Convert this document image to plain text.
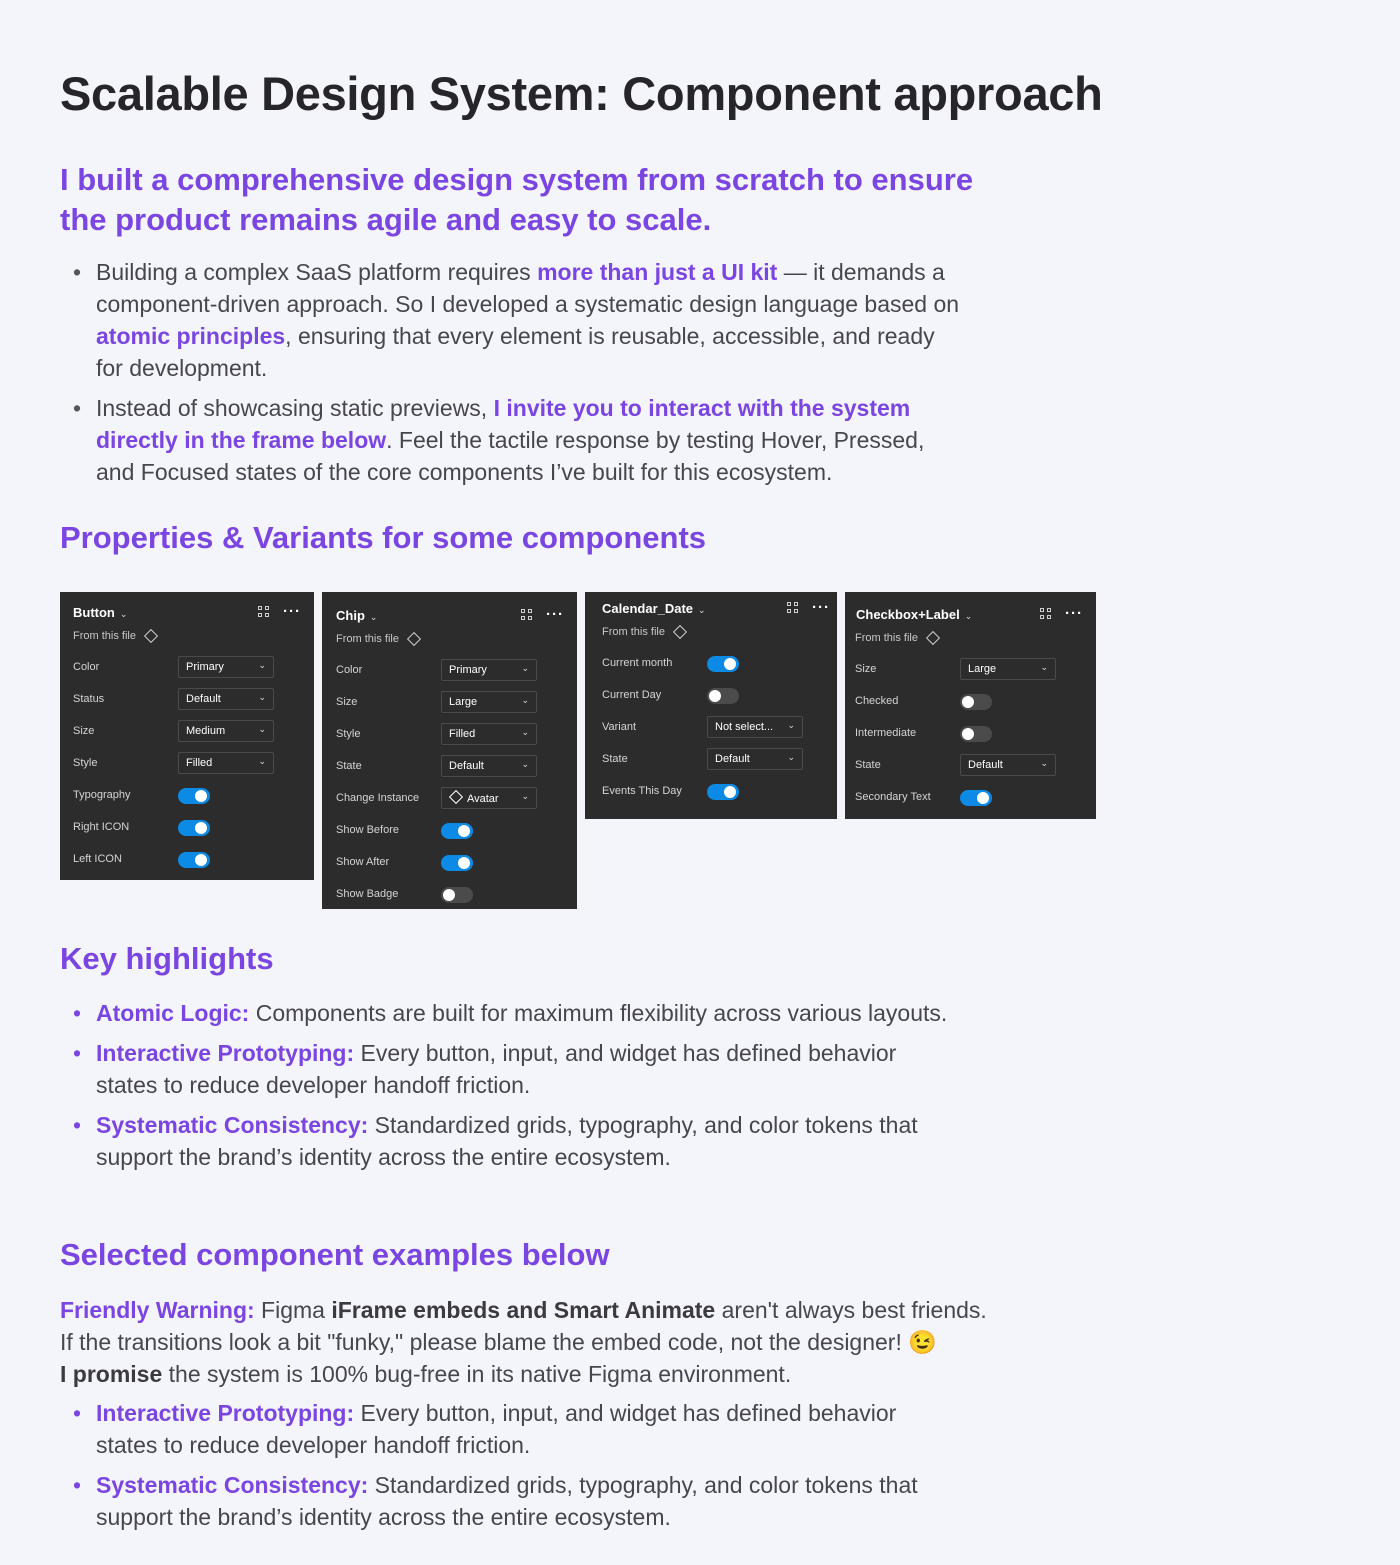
Scalable Design System: Component approach

I built a comprehensive design system from scratch to ensure the product remains agile and easy to scale.

• Building a complex SaaS platform requires more than just a UI kit — it demands a component-driven approach. So I developed a systematic design language based on atomic principles, ensuring that every element is reusable, accessible, and ready for development.
• Instead of showcasing static previews, I invite you to interact with the system directly in the frame below. Feel the tactile response by testing Hover, Pressed, and Focused states of the core components I’ve built for this ecosystem.
Properties & Variants for some components
Button ⌄	···
From this file
Color	Primary	⌄
Status	Default	⌄
Size	Medium	⌄
Style	Filled	⌄
Typography
Right ICON
Left ICON
Chip ⌄	···
From this file
Color	Primary	⌄
Size	Large	⌄
Style	Filled	⌄
State	Default	⌄
Change Instance	Avatar	⌄
Show Before
Show After
Show Badge
Calendar_Date ⌄	···
From this file
Current month
Current Day
Variant	Not select... ⌄
State	Default	⌄
Events This Day
Checkbox+Label ⌄	···
From this file
Size	Large	⌄
Checked
Intermediate
State	Default	⌄
Secondary Text
Key highlights
• Atomic Logic: Components are built for maximum flexibility across various layouts.
• Interactive Prototyping: Every button, input, and widget has defined behavior states to reduce developer handoff friction.
• Systematic Consistency: Standardized grids, typography, and color tokens that support the brand’s identity across the entire ecosystem.
Selected component examples below

Friendly Warning: Figma iFrame embeds and Smart Animate aren't always best friends.
If the transitions look a bit "funky," please blame the embed code, not the designer! 😉
I promise the system is 100% bug-free in its native Figma environment.

• Interactive Prototyping: Every button, input, and widget has defined behavior states to reduce developer handoff friction.
• Systematic Consistency: Standardized grids, typography, and color tokens that support the brand’s identity across the entire ecosystem.
